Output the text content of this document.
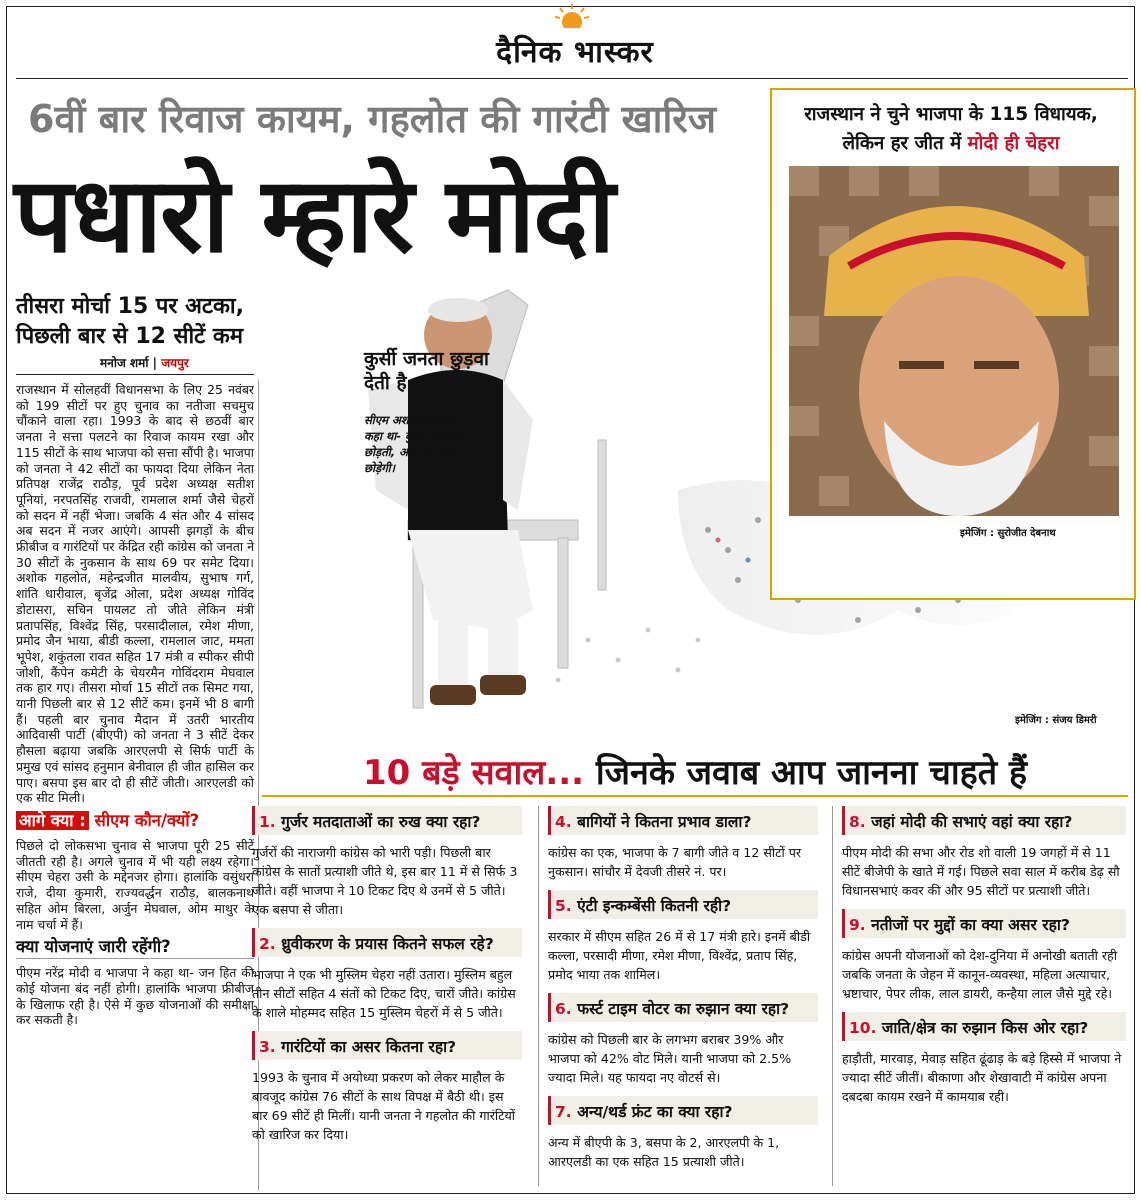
दैनिक भास्कर
6वीं बार रिवाज कायम, गहलोत की गारंटी खारिज
पधारो म्हारे मोदी
तीसरा मोर्चा 15 पर अटका,
पिछली बार से 12 सीटें कम
मनोज शर्मा | जयपुर

राजस्थान में सोलहवीं विधानसभा के लिए 25 नवंबर को 199 सीटों पर हुए चुनाव का नतीजा सचमुच चौंकाने वाला रहा। 1993 के बाद से छठवीं बार जनता ने सत्ता पलटने का रिवाज कायम रखा और 115 सीटों के साथ भाजपा को सत्ता सौंपी है। भाजपा को जनता ने 42 सीटों का फायदा दिया लेकिन नेता प्रतिपक्ष राजेंद्र राठौड़, पूर्व प्रदेश अध्यक्ष सतीश पूनियां, नरपतसिंह राजवी, रामलाल शर्मा जैसे चेहरों को सदन में नहीं भेजा। जबकि 4 संत और 4 सांसद अब सदन में नजर आएंगे। आपसी झगड़ों के बीच फ्रीबीज व गारंटियों पर केंद्रित रही कांग्रेस को जनता ने 30 सीटों के नुकसान के साथ 69 पर समेट दिया। अशोक गहलोत, महेन्द्रजीत मालवीय, सुभाष गर्ग, शांति धारीवाल, बृजेंद्र ओला, प्रदेश अध्यक्ष गोविंद डोटासरा, सचिन पायलट तो जीते लेकिन मंत्री प्रतापसिंह, विश्वेंद्र सिंह, परसादीलाल, रमेश मीणा, प्रमोद जैन भाया, बीडी कल्ला, रामलाल जाट, ममता भूपेश, शकुंतला रावत सहित 17 मंत्री व स्पीकर सीपी जोशी, कैंपेन कमेटी के चेयरमैन गोविंदराम मेघवाल तक हार गए। तीसरा मोर्चा 15 सीटों तक सिमट गया, यानी पिछली बार से 12 सीटें कम। इनमें भी 8 बागी हैं। पहली बार चुनाव मैदान में उतरी भारतीय आदिवासी पार्टी (बीएपी) को जनता ने 3 सीटें देकर हौसला बढ़ाया जबकि आरएलपी से सिर्फ पार्टी के प्रमुख एवं सांसद हनुमान बेनीवाल ही जीत हासिल कर पाए। बसपा इस बार दो ही सीटें जीती। आरएलडी को एक सीट मिली।

आगे क्या : सीएम कौन/क्यों?

पिछले दो लोकसभा चुनाव से भाजपा पूरी 25 सीटें जीतती रही है। अगले चुनाव में भी यही लक्ष्य रहेगा। सीएम चेहरा उसी के मद्देनजर होगा। हालांकि वसुंधरा राजे, दीया कुमारी, राज्यवर्द्धन राठौड़, बालकनाथ सहित ओम बिरला, अर्जुन मेघवाल, ओम माथुर के नाम चर्चा में हैं।

क्या योजनाएं जारी रहेंगी?

पीएम नरेंद्र मोदी व भाजपा ने कहा था- जन हित की कोई योजना बंद नहीं होगी। हालांकि भाजपा फ्रीबीज के खिलाफ रही है। ऐसे में कुछ योजनाओं की समीक्षा कर सकती है।

कुर्सी जनता छुड़वा देती है
सीएम अशोक गहलोत ने कहा था- कुर्सी मुझे नहीं छोड़ती, आगे भी नहीं छोड़ेगी।
इमेजिंग : संजय डिमरी
राजस्थान ने चुने भाजपा के 115 विधायक,
लेकिन हर जीत में मोदी ही चेहरा
इमेजिंग : सुरोजीत देबनाथ
10 बड़े सवाल... जिनके जवाब आप जानना चाहते हैं
1. गुर्जर मतदाताओं का रुख क्या रहा?
गुर्जरों की नाराजगी कांग्रेस को भारी पड़ी। पिछली बार कांग्रेस के सातों प्रत्याशी जीते थे, इस बार 11 में से सिर्फ 3 जीते। वहीं भाजपा ने 10 टिकट दिए थे उनमें से 5 जीते। एक बसपा से जीता।
2. ध्रुवीकरण के प्रयास कितने सफल रहे?
भाजपा ने एक भी मुस्लिम चेहरा नहीं उतारा। मुस्लिम बहुल तीन सीटों सहित 4 संतों को टिकट दिए, चारों जीते। कांग्रेस के शाले मोहम्मद सहित 15 मुस्लिम चेहरों में से 5 जीते।
3. गारंटियों का असर कितना रहा?
1993 के चुनाव में अयोध्या प्रकरण को लेकर माहौल के बावजूद कांग्रेस 76 सीटों के साथ विपक्ष में बैठी थी। इस बार 69 सीटें ही मिलीं। यानी जनता ने गहलोत की गारंटियों को खारिज कर दिया।
4. बागियों ने कितना प्रभाव डाला?
कांग्रेस का एक, भाजपा के 7 बागी जीते व 12 सीटों पर नुकसान। सांचौर में देवजी तीसरे नं. पर।
5. एंटी इन्कम्बेंसी कितनी रही?
सरकार में सीएम सहित 26 में से 17 मंत्री हारे। इनमें बीडी कल्ला, परसादी मीणा, रमेश मीणा, विश्वेंद्र, प्रताप सिंह, प्रमोद भाया तक शामिल।
6. फर्स्ट टाइम वोटर का रुझान क्या रहा?
कांग्रेस को पिछली बार के लगभग बराबर 39% और भाजपा को 42% वोट मिले। यानी भाजपा को 2.5% ज्यादा मिले। यह फायदा नए वोटर्स से।
7. अन्य/थर्ड फ्रंट का क्या रहा?
अन्य में बीएपी के 3, बसपा के 2, आरएलपी के 1, आरएलडी का एक सहित 15 प्रत्याशी जीते।
8. जहां मोदी की सभाएं वहां क्या रहा?
पीएम मोदी की सभा और रोड शो वाली 19 जगहों में से 11 सीटें बीजेपी के खाते में गई। पिछले सवा साल में करीब डेढ़ सौ विधानसभाएं कवर की और 95 सीटों पर प्रत्याशी जीते।
9. नतीजों पर मुद्दों का क्या असर रहा?
कांग्रेस अपनी योजनाओं को देश-दुनिया में अनोखी बताती रही जबकि जनता के जेहन में कानून-व्यवस्था, महिला अत्याचार, भ्रष्टाचार, पेपर लीक, लाल डायरी, कन्हैया लाल जैसे मुद्दे रहे।
10. जाति/क्षेत्र का रुझान किस ओर रहा?
हाड़ौती, मारवाड़, मेवाड़ सहित ढूंढाड़ के बड़े हिस्से में भाजपा ने ज्यादा सीटें जीतीं। बीकाणा और शेखावाटी में कांग्रेस अपना दबदबा कायम रखने में कामयाब रही।
